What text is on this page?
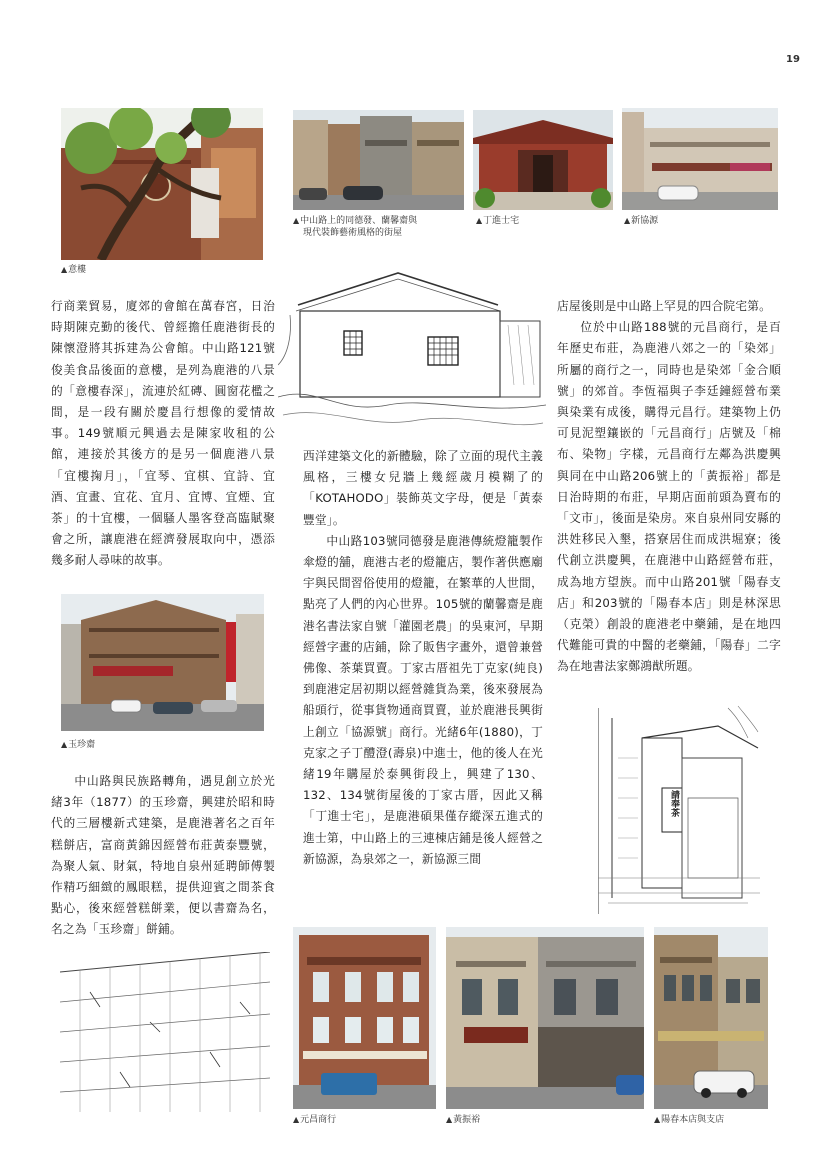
19
▲意樓
▲中山路上的同德發、蘭馨齋與
現代裝飾藝術風格的街屋
▲丁進士宅	▲新協源
▲玉珍齋
請奉茶
▲元昌商行	▲黃振裕	▲陽春本店與支店

行商業貿易，廈郊的會館在萬春宮，日治時期陳克勤的後代、曾經擔任鹿港街長的陳懷澄將其拆建為公會館。中山路121號俊美食品後面的意樓，是列為鹿港的八景的「意樓春深」，流連於紅磚、圓窗花檻之間，是一段有關於慶昌行想像的愛情故事。149號順元興過去是陳家收租的公館，連接於其後方的是另一個鹿港八景「宜樓掬月」，「宜琴、宜棋、宜詩、宜酒、宜畫、宜花、宜月、宜博、宜煙、宜茶」的十宜樓，一個騷人墨客登高臨賦聚會之所，讓鹿港在經濟發展取向中，憑添幾多耐人尋味的故事。

中山路與民族路轉角，遇見創立於光緒3年（1877）的玉珍齋，興建於昭和時代的三層樓新式建築，是鹿港著名之百年糕餅店，富商黃錦因經營布莊黃泰豐號，為聚人氣、財氣，特地自泉州延聘師傅製作精巧細緻的鳳眼糕，提供迎賓之間茶食點心，後來經營糕餅業，便以書齋為名，名之為「玉珍齋」餅鋪。

西洋建築文化的新體驗，除了立面的現代主義風格，三樓女兒牆上幾經歲月模糊了的「KOTAHODO」裝飾英文字母，便是「黃泰豐堂」。

中山路103號同德發是鹿港傳統燈籠製作傘燈的舖，鹿港古老的燈籠店，製作著供應廟宇與民間習俗使用的燈籠，在繁華的人世間，點亮了人們的內心世界。105號的蘭馨齋是鹿港名書法家自號「灌園老農」的吳東河，早期經營字畫的店鋪，除了販售字畫外，還曾兼營佛像、茶葉買賣。丁家古厝祖先丁克家(純良)到鹿港定居初期以經營雜貨為業，後來發展為船頭行，從事貨物通商買賣，並於鹿港長興街上創立「協源號」商行。光緒6年(1880)，丁克家之子丁醴澄(壽泉)中進士，他的後人在光緒19年購屋於泰興街段上，興建了130、132、134號街屋後的丁家古厝，因此又稱「丁進士宅」，是鹿港碩果僅存縱深五進式的進士第，中山路上的三連棟店鋪是後人經營之新協源，為泉郊之一，新協源三間

店屋後則是中山路上罕見的四合院宅第。

位於中山路188號的元昌商行，是百年歷史布莊，為鹿港八郊之一的「染郊」所屬的商行之一，同時也是染郊「金合順號」的郊首。李恆福與子李廷鐘經營布業與染業有成後，購得元昌行。建築物上仍可見泥塑鑲嵌的「元昌商行」店號及「棉布、染物」字樣，元昌商行左鄰為洪慶興與同在中山路206號上的「黃振裕」都是日治時期的布莊，早期店面前頭為賣布的「文市」，後面是染房。來自泉州同安縣的洪姓移民入墾，搭寮居住而成洪堀寮；後代創立洪慶興，在鹿港中山路經營布莊，成為地方望族。而中山路201號「陽春支店」和203號的「陽春本店」則是林深思（克榮）創設的鹿港老中藥鋪，是在地四代難能可貴的中醫的老藥鋪，「陽春」二字為在地書法家鄭鴻猷所題。
